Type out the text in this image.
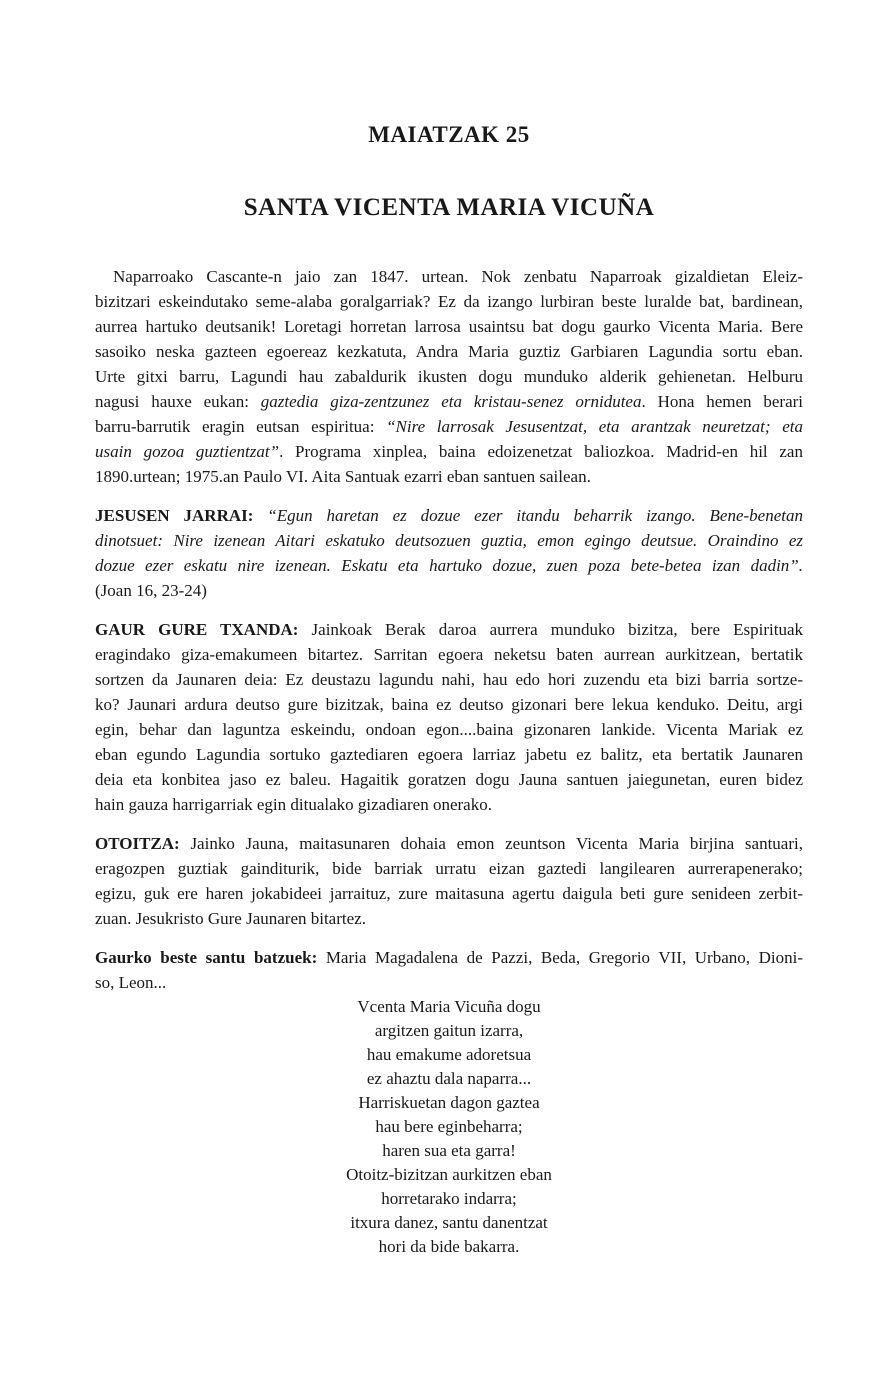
MAIATZAK 25
SANTA VICENTA MARIA VICUÑA
Naparroako Cascante-n jaio zan 1847. urtean. Nok zenbatu Naparroak gizaldietan Eleiz-
bizitzari eskeindutako seme-alaba goralgarriak? Ez da izango lurbiran beste luralde bat, bardinean,
aurrea hartuko deutsanik! Loretagi horretan larrosa usaintsu bat dogu gaurko Vicenta Maria. Bere
sasoiko neska gazteen egoereaz kezkatuta, Andra Maria guztiz Garbiaren Lagundia sortu eban.
Urte gitxi barru, Lagundi hau zabaldurik ikusten dogu munduko alderik gehienetan. Helburu
nagusi hauxe eukan: gaztedia giza-zentzunez eta kristau-senez ornidutea. Hona hemen berari
barru-barrutik eragin eutsan espiritua: “Nire larrosak Jesusentzat, eta arantzak neuretzat; eta
usain gozoa guztientzat”. Programa xinplea, baina edoizenetzat baliozkoa. Madrid-en hil zan
1890.urtean; 1975.an Paulo VI. Aita Santuak ezarri eban santuen sailean.
JESUSEN JARRAI: “Egun haretan ez dozue ezer itandu beharrik izango. Bene-benetan
dinotsuet: Nire izenean Aitari eskatuko deutsozuen guztia, emon egingo deutsue. Oraindino ez
dozue ezer eskatu nire izenean. Eskatu eta hartuko dozue, zuen poza bete-betea izan dadin”.
(Joan 16, 23-24)
GAUR GURE TXANDA: Jainkoak Berak daroa aurrera munduko bizitza, bere Espirituak
eragindako giza-emakumeen bitartez. Sarritan egoera neketsu baten aurrean aurkitzean, bertatik
sortzen da Jaunaren deia: Ez deustazu lagundu nahi, hau edo hori zuzendu eta bizi barria sortze-
ko? Jaunari ardura deutso gure bizitzak, baina ez deutso gizonari bere lekua kenduko. Deitu, argi
egin, behar dan laguntza eskeindu, ondoan egon....baina gizonaren lankide. Vicenta Mariak ez
eban egundo Lagundia sortuko gaztediaren egoera larriaz jabetu ez balitz, eta bertatik Jaunaren
deia eta konbitea jaso ez baleu. Hagaitik goratzen dogu Jauna santuen jaiegunetan, euren bidez
hain gauza harrigarriak egin ditualako gizadiaren onerako.
OTOITZA: Jainko Jauna, maitasunaren dohaia emon zeuntson Vicenta Maria birjina santuari,
eragozpen guztiak gainditurik, bide barriak urratu eizan gaztedi langilearen aurrerapenerako;
egizu, guk ere haren jokabideei jarraituz, zure maitasuna agertu daigula beti gure senideen zerbit-
zuan. Jesukristo Gure Jaunaren bitartez.
Gaurko beste santu batzuek: Maria Magadalena de Pazzi, Beda, Gregorio VII, Urbano, Dioni-
so, Leon...
Vcenta Maria Vicuña dogu
argitzen gaitun izarra,
hau emakume adoretsua
ez ahaztu dala naparra...
Harriskuetan dagon gaztea
hau bere eginbeharra;
haren sua eta garra!
Otoitz-bizitzan aurkitzen eban
horretarako indarra;
itxura danez, santu danentzat
hori da bide bakarra.
